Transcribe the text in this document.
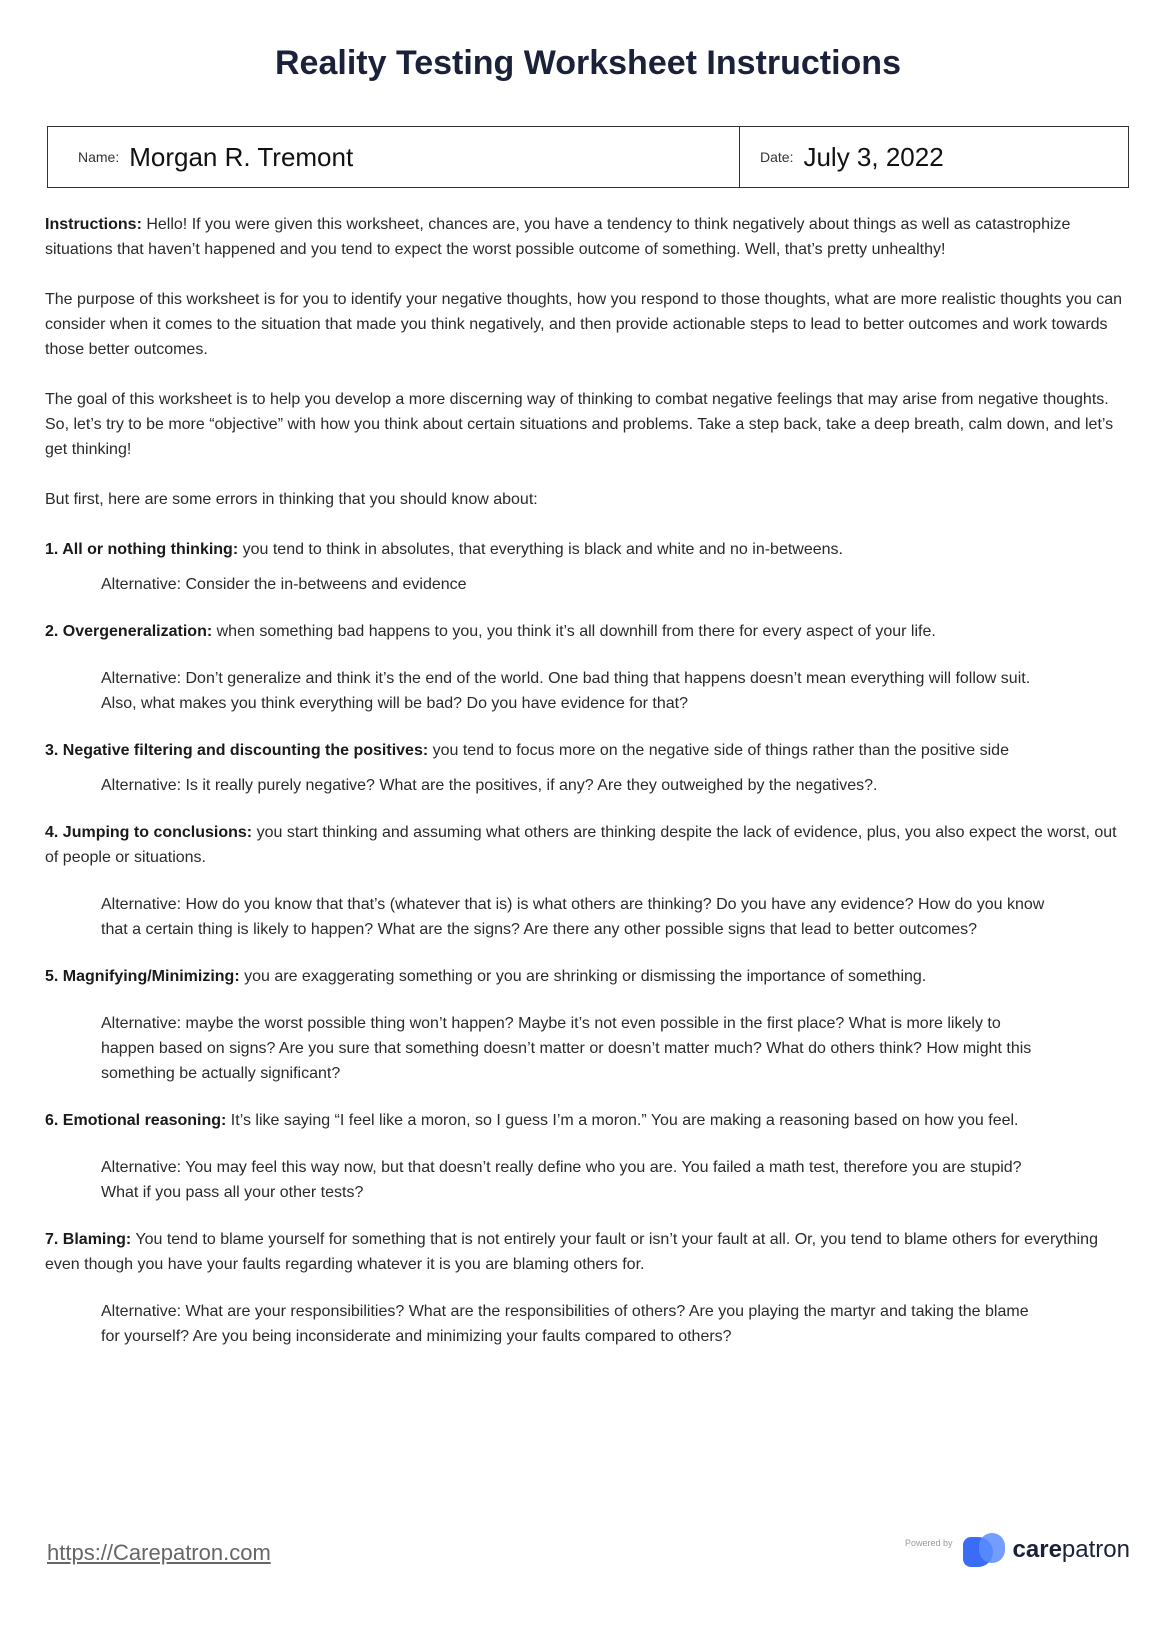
Reality Testing Worksheet Instructions
Name: Morgan R. Tremont	Date: July 3, 2022

Instructions: Hello! If you were given this worksheet, chances are, you have a tendency to think negatively about things as well as catastrophize situations that haven’t happened and you tend to expect the worst possible outcome of something. Well, that’s pretty unhealthy!

The purpose of this worksheet is for you to identify your negative thoughts, how you respond to those thoughts, what are more realistic thoughts you can consider when it comes to the situation that made you think negatively, and then provide actionable steps to lead to better outcomes and work towards those better outcomes.

The goal of this worksheet is to help you develop a more discerning way of thinking to combat negative feelings that may arise from negative thoughts. So, let’s try to be more “objective” with how you think about certain situations and problems. Take a step back, take a deep breath, calm down, and let’s get thinking!

But first, here are some errors in thinking that you should know about:

1. All or nothing thinking: you tend to think in absolutes, that everything is black and white and no in-betweens.

Alternative: Consider the in-betweens and evidence

2. Overgeneralization: when something bad happens to you, you think it’s all downhill from there for every aspect of your life.

Alternative: Don’t generalize and think it’s the end of the world. One bad thing that happens doesn’t mean everything will follow suit. Also, what makes you think everything will be bad? Do you have evidence for that?

3. Negative filtering and discounting the positives: you tend to focus more on the negative side of things rather than the positive side

Alternative: Is it really purely negative? What are the positives, if any? Are they outweighed by the negatives?.

4. Jumping to conclusions: you start thinking and assuming what others are thinking despite the lack of evidence, plus, you also expect the worst, out of people or situations.

Alternative: How do you know that that’s (whatever that is) is what others are thinking? Do you have any evidence? How do you know that a certain thing is likely to happen? What are the signs? Are there any other possible signs that lead to better outcomes?

5. Magnifying/Minimizing: you are exaggerating something or you are shrinking or dismissing the importance of something.

Alternative: maybe the worst possible thing won’t happen? Maybe it’s not even possible in the first place? What is more likely to happen based on signs? Are you sure that something doesn’t matter or doesn’t matter much? What do others think? How might this something be actually significant?

6. Emotional reasoning: It’s like saying “I feel like a moron, so I guess I’m a moron.” You are making a reasoning based on how you feel.

Alternative: You may feel this way now, but that doesn’t really define who you are. You failed a math test, therefore you are stupid? What if you pass all your other tests?

7. Blaming: You tend to blame yourself for something that is not entirely your fault or isn’t your fault at all. Or, you tend to blame others for everything even though you have your faults regarding whatever it is you are blaming others for.

Alternative: What are your responsibilities? What are the responsibilities of others? Are you playing the martyr and taking the blame for yourself? Are you being inconsiderate and minimizing your faults compared to others?

https://Carepatron.com	Powered by	carepatron
